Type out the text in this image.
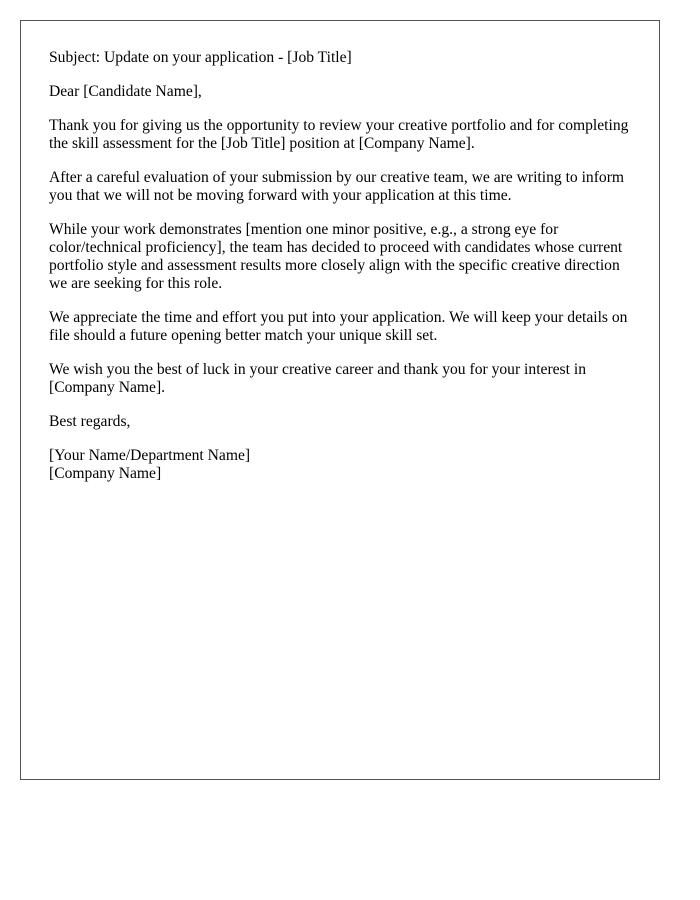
Subject: Update on your application - [Job Title]

Dear [Candidate Name],

Thank you for giving us the opportunity to review your creative portfolio and for completing the skill assessment for the [Job Title] position at [Company Name].

After a careful evaluation of your submission by our creative team, we are writing to inform you that we will not be moving forward with your application at this time.

While your work demonstrates [mention one minor positive, e.g., a strong eye for color/technical proficiency], the team has decided to proceed with candidates whose current portfolio style and assessment results more closely align with the specific creative direction we are seeking for this role.

We appreciate the time and effort you put into your application. We will keep your details on file should a future opening better match your unique skill set.

We wish you the best of luck in your creative career and thank you for your interest in [Company Name].

Best regards,

[Your Name/Department Name]
[Company Name]
